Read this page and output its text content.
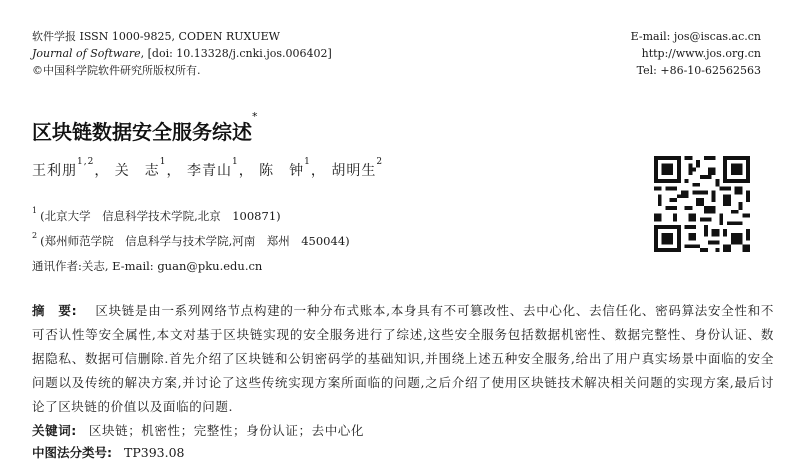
软件学报 ISSN 1000-9825, CODEN RUXUEW
Journal of Software, [doi: 10.13328/j.cnki.jos.006402]
©中国科学院软件研究所版权所有.
E-mail: jos@iscas.ac.cn
http://www.jos.org.cn
Tel: +86-10-62562563
区块链数据安全服务综述*
王利朋$^{1,2}$， 关　志$^1$， 李青山$^1$， 陈　钟$^1$， 胡明生$^2$
$^1$ (北京大学　信息科学技术学院,北京　100871)
$^2$ (郑州师范学院　信息科学与技术学院,河南　郑州　450044)
通讯作者:关志, E-mail: guan@pku.edu.cn
摘　要: 区块链是由一系列网络节点构建的一种分布式账本,本身具有不可篡改性、去中心化、去信任化、密码算法安全性和不可否认性等安全属性,本文对基于区块链实现的安全服务进行了综述,这些安全服务包括数据机密性、数据完整性、身份认证、数据隐私、数据可信删除.首先介绍了区块链和公钥密码学的基础知识,并围绕上述五种安全服务,给出了用户真实场景中面临的安全问题以及传统的解决方案,并讨论了这些传统实现方案所面临的问题,之后介绍了使用区块链技术解决相关问题的实现方案,最后讨论了区块链的价值以及面临的问题.
关键词: 区块链；机密性；完整性；身份认证；去中心化
中图法分类号: TP393.08
